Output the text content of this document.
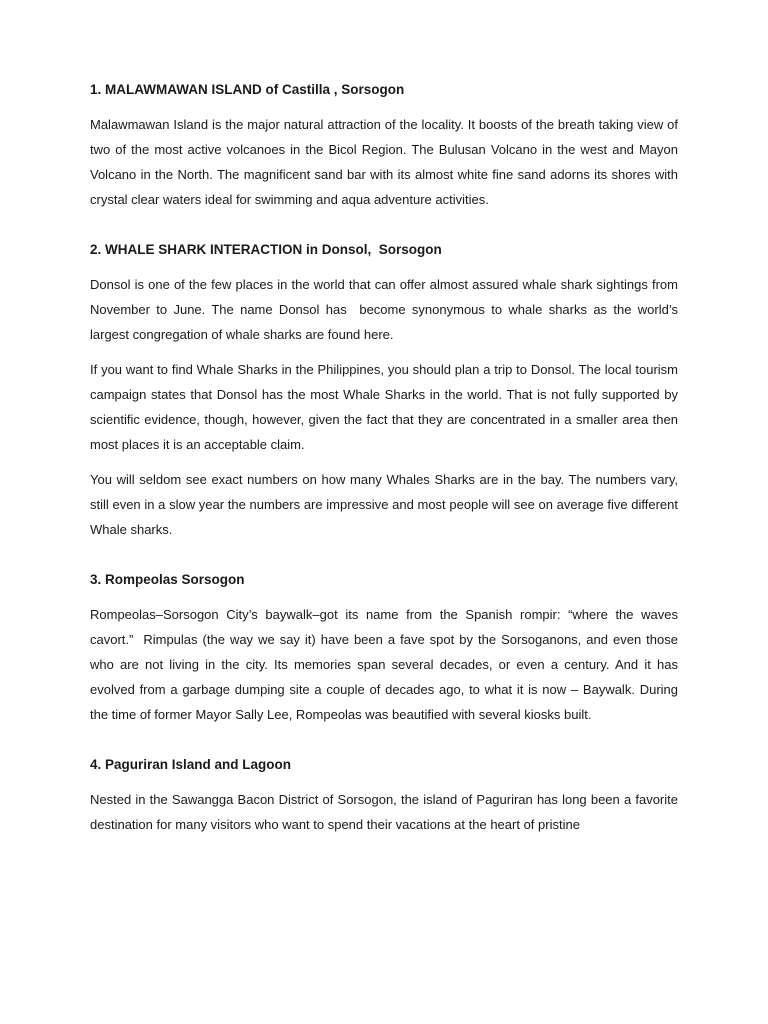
1. MALAWMAWAN ISLAND of Castilla , Sorsogon

Malawmawan Island is the major natural attraction of the locality. It boosts of the breath taking view of two of the most active volcanoes in the Bicol Region. The Bulusan Volcano in the west and Mayon Volcano in the North. The magnificent sand bar with its almost white fine sand adorns its shores with crystal clear waters ideal for swimming and aqua adventure activities.

2. WHALE SHARK INTERACTION in Donsol,  Sorsogon

Donsol is one of the few places in the world that can offer almost assured whale shark sightings from November to June. The name Donsol has  become synonymous to whale sharks as the world’s largest congregation of whale sharks are found here.

If you want to find Whale Sharks in the Philippines, you should plan a trip to Donsol. The local tourism campaign states that Donsol has the most Whale Sharks in the world. That is not fully supported by scientific evidence, though, however, given the fact that they are concentrated in a smaller area then most places it is an acceptable claim.

You will seldom see exact numbers on how many Whales Sharks are in the bay. The numbers vary, still even in a slow year the numbers are impressive and most people will see on average five different Whale sharks.

3. Rompeolas Sorsogon

Rompeolas–Sorsogon City’s baywalk–got its name from the Spanish rompir: “where the waves cavort.”  Rimpulas (the way we say it) have been a fave spot by the Sorsoganons, and even those who are not living in the city. Its memories span several decades, or even a century. And it has evolved from a garbage dumping site a couple of decades ago, to what it is now – Baywalk. During the time of former Mayor Sally Lee, Rompeolas was beautified with several kiosks built.

4. Paguriran Island and Lagoon

Nested in the Sawangga Bacon District of Sorsogon, the island of Paguriran has long been a favorite destination for many visitors who want to spend their vacations at the heart of pristine
